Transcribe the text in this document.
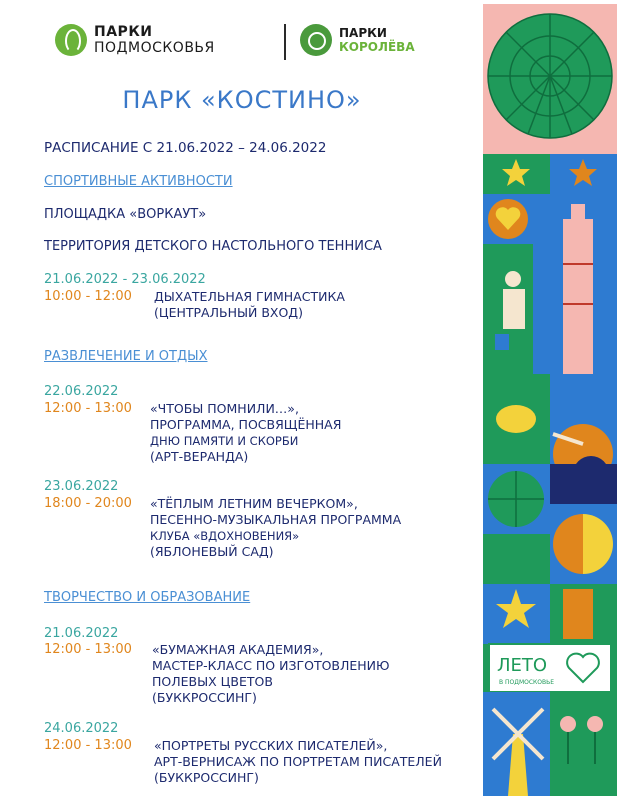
ПАРКИ
ПОДМОСКОВЬЯ
ПАРКИ
КОРОЛЁВА
ПАРК «КОСТИНО»
РАСПИСАНИЕ С 21.06.2022 – 24.06.2022
СПОРТИВНЫЕ АКТИВНОСТИ
ПЛОЩАДКА «ВОРКАУТ»
ТЕРРИТОРИЯ ДЕТСКОГО НАСТОЛЬНОГО ТЕННИСА
21.06.2022 - 23.06.2022
10:00 - 12:00 ДЫХАТЕЛЬНАЯ ГИМНАСТИКА
(ЦЕНТРАЛЬНЫЙ ВХОД)
РАЗВЛЕЧЕНИЕ И ОТДЫХ
22.06.2022
12:00 - 13:00 «ЧТОБЫ ПОМНИЛИ…»,
ПРОГРАММА, ПОСВЯЩЁННАЯ
ДНЮ ПАМЯТИ И СКОРБИ
(АРТ-ВЕРАНДА)
23.06.2022
18:00 - 20:00 «ТЁПЛЫМ ЛЕТНИМ ВЕЧЕРКОМ»,
ПЕСЕННО-МУЗЫКАЛЬНАЯ ПРОГРАММА
КЛУБА «ВДОХНОВЕНИЯ»
(ЯБЛОНЕВЫЙ САД)
ТВОРЧЕСТВО И ОБРАЗОВАНИЕ
21.06.2022
12:00 - 13:00 «БУМАЖНАЯ АКАДЕМИЯ»,
МАСТЕР-КЛАСС ПО ИЗГОТОВЛЕНИЮ
ПОЛЕВЫХ ЦВЕТОВ
(БУККРОССИНГ)
24.06.2022
12:00 - 13:00 «ПОРТРЕТЫ РУССКИХ ПИСАТЕЛЕЙ»,
АРТ-ВЕРНИСАЖ ПО ПОРТРЕТАМ ПИСАТЕЛЕЙ
(БУККРОССИНГ)
ЛЕТО
В ПОДМОСКОВЬЕ
